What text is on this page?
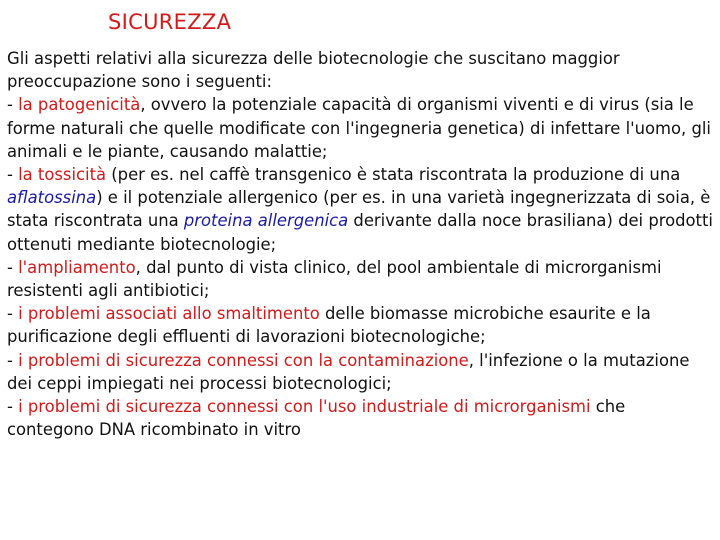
SICUREZZA

Gli aspetti relativi alla sicurezza delle biotecnologie che suscitano maggior preoccupazione sono i seguenti:

- la patogenicità, ovvero la potenziale capacità di organismi viventi e di virus (sia le forme naturali che quelle modificate con l'ingegneria genetica) di infettare l'uomo, gli animali e le piante, causando malattie;

- la tossicità (per es. nel caffè transgenico è stata riscontrata la produzione di una aflatossina) e il potenziale allergenico (per es. in una varietà ingegnerizzata di soia, è stata riscontrata una proteina allergenica derivante dalla noce brasiliana) dei prodotti ottenuti mediante biotecnologie;

- l'ampliamento, dal punto di vista clinico, del pool ambientale di microrganismi resistenti agli antibiotici;

- i problemi associati allo smaltimento delle biomasse microbiche esaurite e la purificazione degli effluenti di lavorazioni biotecnologiche;

- i problemi di sicurezza connessi con la contaminazione, l'infezione o la mutazione dei ceppi impiegati nei processi biotecnologici;

- i problemi di sicurezza connessi con l'uso industriale di microrganismi che contegono DNA ricombinato in vitro
